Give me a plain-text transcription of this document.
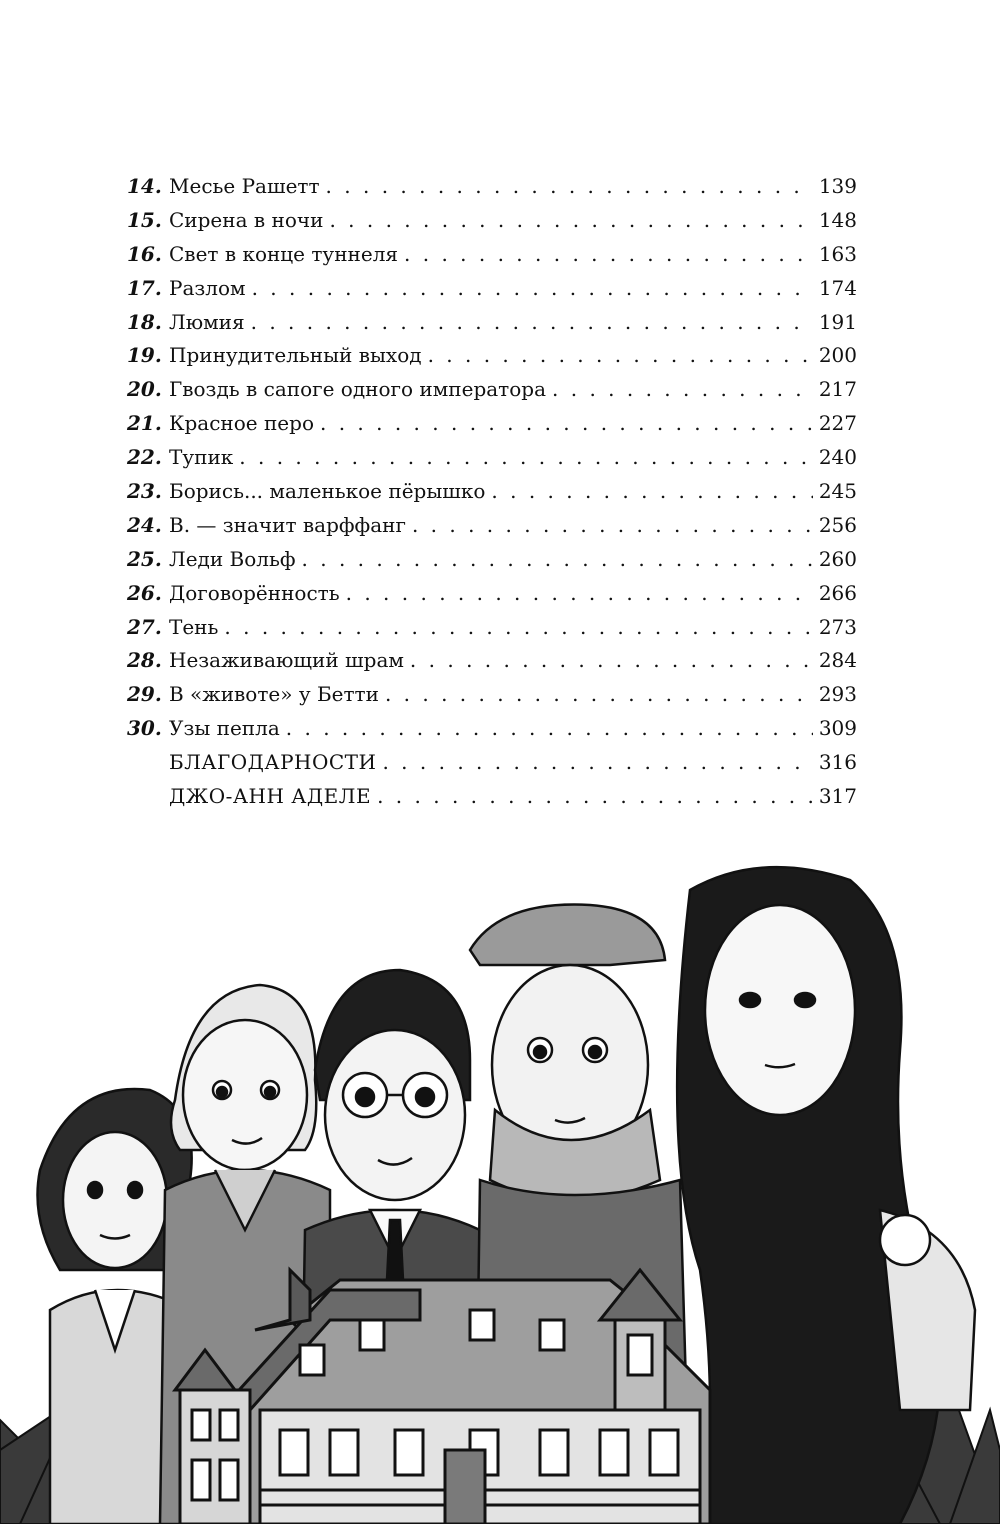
14. Месье Рашетт . . .	139
15. Сирена в ночи . . .	148
16. Свет в конце туннеля . . .	163
17. Разлом . . .	174
18. Люмия . . .	191
19. Принудительный выход . . .	200
20. Гвоздь в сапоге одного императора . . .	217
21. Красное перо . . .	227
22. Тупик . . .	240
23. Борись... маленькое пёрышко . . .	245
24. В. — значит варффанг . . .	256
25. Леди Вольф . . .	260
26. Договорённость . . .	266
27. Тень . . .	273
28. Незаживающий шрам . . .	284
29. В «животе» у Бетти . . .	293
30. Узы пепла . . .	309
БЛАГОДАРНОСТИ . . .	316
ДЖО-АНН АДЕЛЕ . . .	317
